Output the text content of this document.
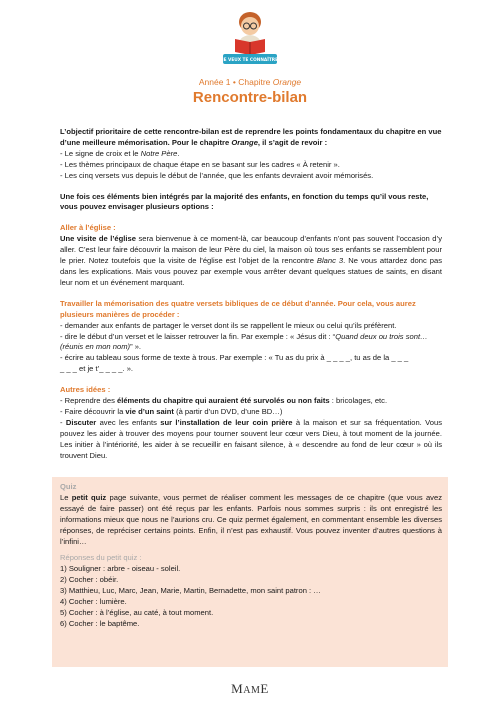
JE VEUX TE CONNAÎTRE
Année 1 • Chapitre Orange
Rencontre-bilan

L’objectif prioritaire de cette rencontre-bilan est de reprendre les points fondamentaux du chapitre en vue d’une meilleure mémorisation. Pour le chapitre Orange, il s’agit de revoir :

- Le signe de croix et le Notre Père.

- Les thèmes principaux de chaque étape en se basant sur les cadres « À retenir ».

- Les cinq versets vus depuis le début de l’année, que les enfants devraient avoir mémorisés.

Une fois ces éléments bien intégrés par la majorité des enfants, en fonction du temps qu’il vous reste, vous pouvez envisager plusieurs options :

Aller à l’église :

Une visite de l’église sera bienvenue à ce moment-là, car beaucoup d’enfants n’ont pas souvent l’occasion d’y aller. C’est leur faire découvrir la maison de leur Père du ciel, la maison où tous ses enfants se rassemblent pour le prier. Notez toutefois que la visite de l’église est l’objet de la rencontre Blanc 3. Ne vous attardez donc pas dans les explications. Mais vous pouvez par exemple vous arrêter devant quelques statues de saints, en disant leur nom et un événement marquant.

Travailler la mémorisation des quatre versets bibliques de ce début d’année. Pour cela, vous aurez plusieurs manières de procéder :

- demander aux enfants de partager le verset dont ils se rappellent le mieux ou celui qu’ils préfèrent.

- dire le début d’un verset et le laisser retrouver la fin. Par exemple : « Jésus dit : “Quand deux ou trois sont… (réunis en mon nom)” ».

- écrire au tableau sous forme de texte à trous. Par exemple : « Tu as du prix à _ _ _ _, tu as de la _ _ _
_ _ _ et je t’_ _ _ _. ».

Autres idées :

- Reprendre des éléments du chapitre qui auraient été survolés ou non faits : bricolages, etc.

- Faire découvrir la vie d’un saint (à partir d’un DVD, d’une BD…)

- Discuter avec les enfants sur l’installation de leur coin prière à la maison et sur sa fréquentation. Vous pouvez les aider à trouver des moyens pour tourner souvent leur cœur vers Dieu, à tout moment de la journée. Les initier à l’intériorité, les aider à se recueillir en faisant silence, à « descendre au fond de leur cœur » où ils trouvent Dieu.

Quiz

Le petit quiz page suivante, vous permet de réaliser comment les messages de ce chapitre (que vous avez essayé de faire passer) ont été reçus par les enfants. Parfois nous sommes surpris : ils ont enregistré les informations mieux que nous ne l’aurions cru. Ce quiz permet également, en commentant ensemble les diverses réponses, de repréciser certains points. Enfin, il n’est pas exhaustif. Vous pouvez inventer d’autres questions à l’infini…

Réponses du petit quiz :

1) Souligner : arbre - oiseau - soleil.

2) Cocher : obéir.

3) Matthieu, Luc, Marc, Jean, Marie, Martin, Bernadette, mon saint patron : …

4) Cocher : lumière.

5) Cocher : à l’église, au caté, à tout moment.

6) Cocher : le baptême.

MAME
